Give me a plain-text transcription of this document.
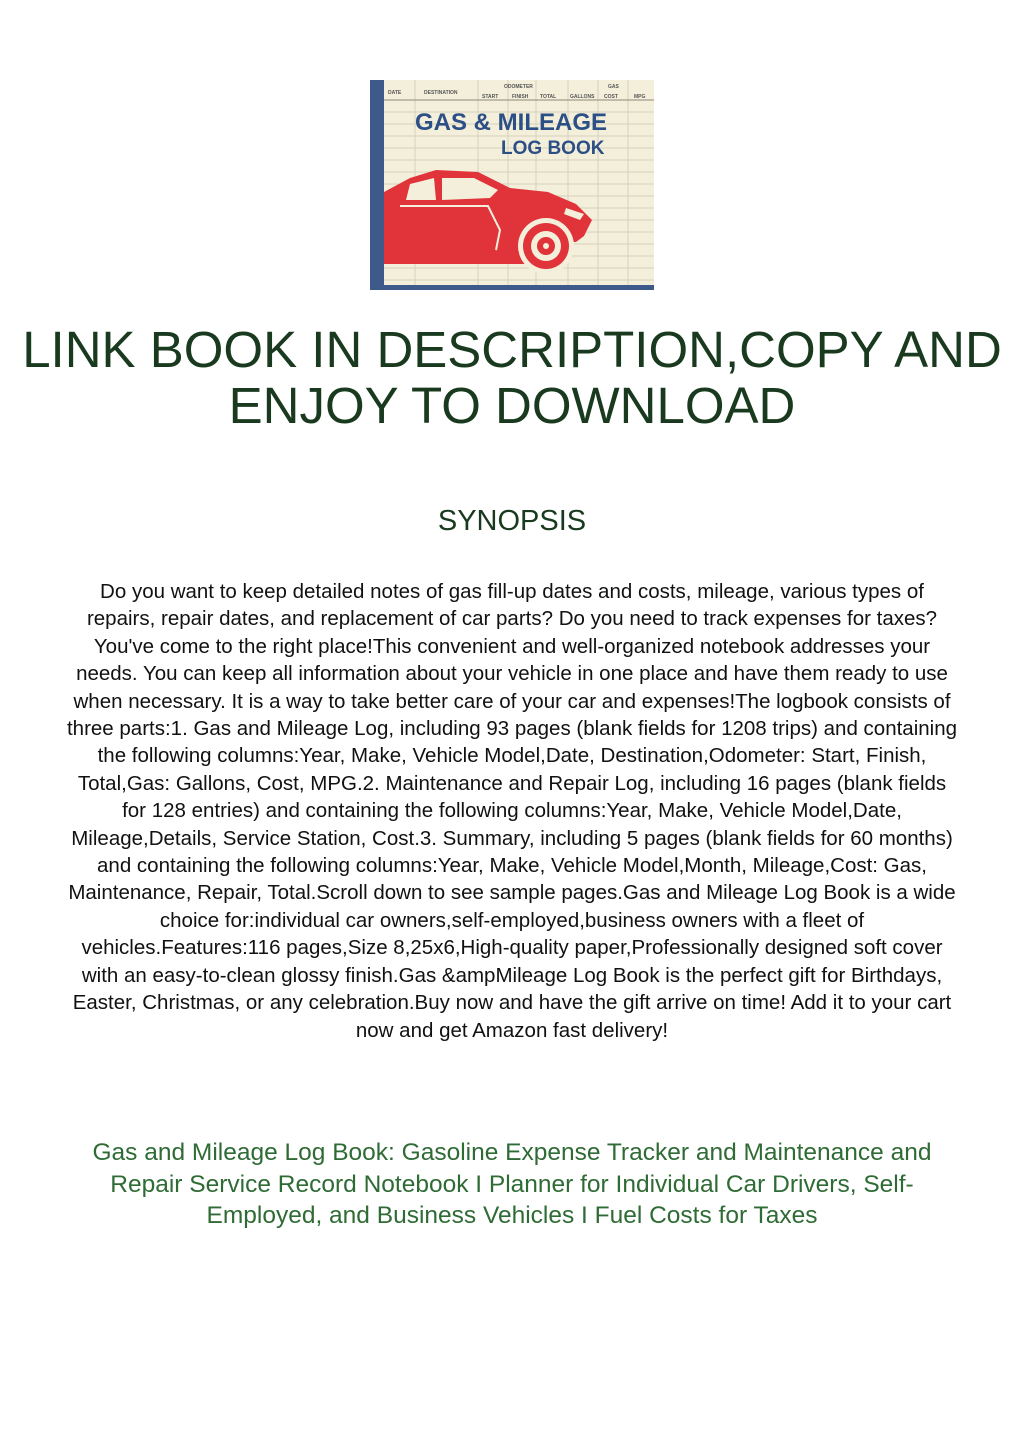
DATE	DESTINATION
ODOMETER
START	FINISH TOTAL	GALLONS
GAS
COST	MPG
GAS & MILEAGE
LOG BOOK
LINK BOOK IN DESCRIPTION,COPY AND ENJOY TO DOWNLOAD
SYNOPSIS

Do you want to keep detailed notes of gas fill-up dates and costs, mileage, various types of repairs, repair dates, and replacement of car parts? Do you need to track expenses for taxes?You've come to the right place!This convenient and well-organized notebook addresses your needs. You can keep all information about your vehicle in one place and have them ready to use when necessary. It is a way to take better care of your car and expenses!The logbook consists of three parts:1. Gas and Mileage Log, including 93 pages (blank fields for 1208 trips) and containing the following columns:Year, Make, Vehicle Model,Date, Destination,Odometer: Start, Finish, Total,Gas: Gallons, Cost, MPG.2. Maintenance and Repair Log, including 16 pages (blank fields for 128 entries) and containing the following columns:Year, Make, Vehicle Model,Date, Mileage,Details, Service Station, Cost.3. Summary, including 5 pages (blank fields for 60 months) and containing the following columns:Year, Make, Vehicle Model,Month, Mileage,Cost: Gas, Maintenance, Repair, Total.Scroll down to see sample pages.Gas and Mileage Log Book is a wide choice for:individual car owners,self-employed,business owners with a fleet of vehicles.Features:116 pages,Size 8,25x6,High-quality paper,Professionally designed soft cover with an easy-to-clean glossy finish.Gas &ampMileage Log Book is the perfect gift for Birthdays, Easter, Christmas, or any celebration.Buy now and have the gift arrive on time! Add it to your cart now and get Amazon fast delivery!

Gas and Mileage Log Book: Gasoline Expense Tracker and Maintenance and Repair Service Record Notebook I Planner for Individual Car Drivers, Self-Employed, and Business Vehicles I Fuel Costs for Taxes
